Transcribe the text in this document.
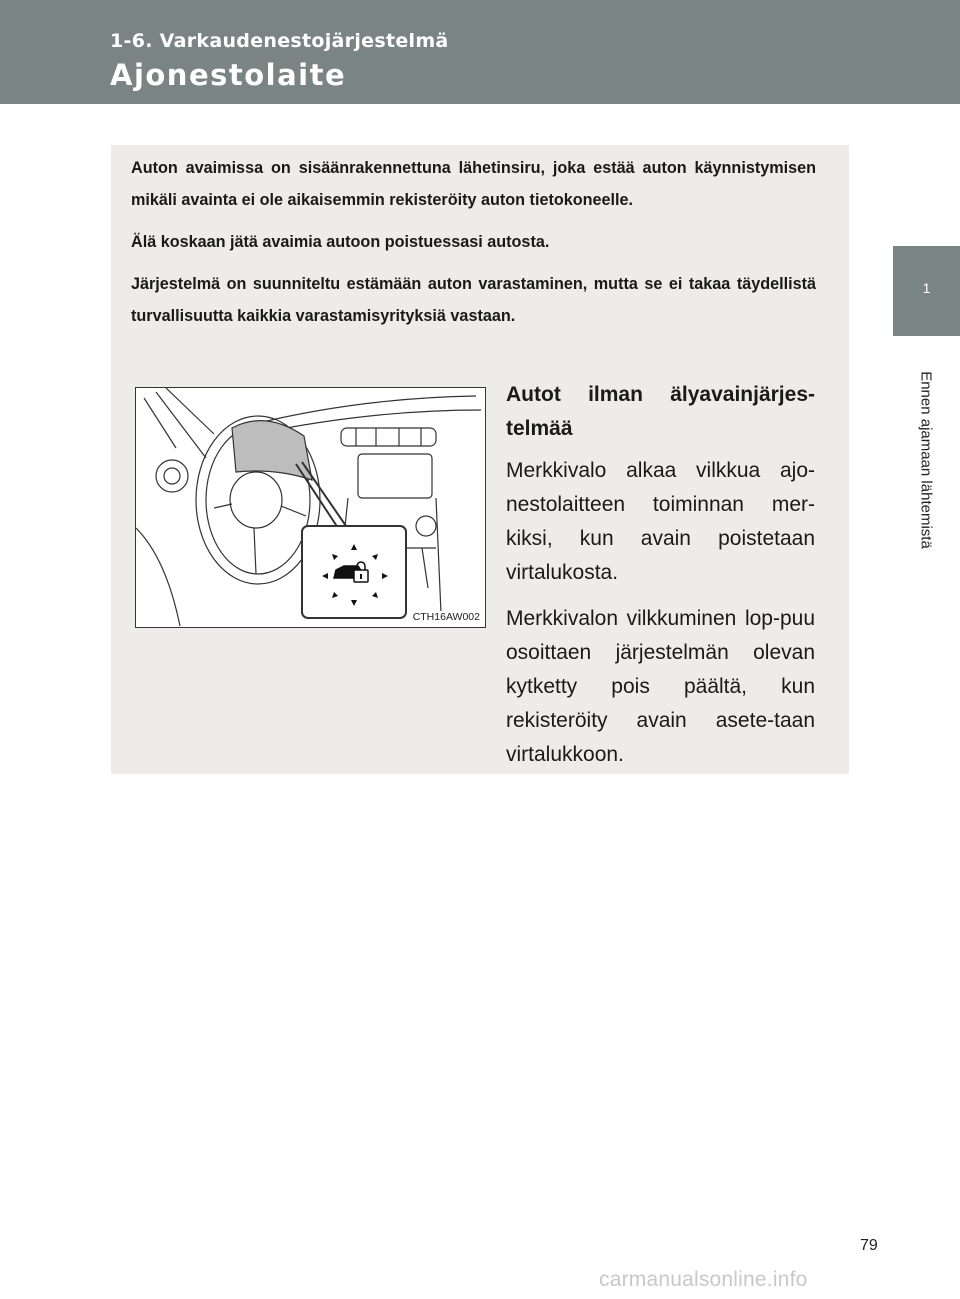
1-6. Varkaudenestojärjestelmä
Ajonestolaite
1
Ennen ajamaan lähtemistä

Auton avaimissa on sisäänrakennettuna lähetinsiru, joka estää auton käynnistymisen mikäli avainta ei ole aikaisemmin rekisteröity auton tietokoneelle.

Älä koskaan jätä avaimia autoon poistuessasi autosta.

Järjestelmä on suunniteltu estämään auton varastaminen, mutta se ei takaa täydellistä turvallisuutta kaikkia varastamisyrityksiä vastaan.

CTH16AW002

Autot ilman älyavainjärjes-telmää

Merkkivalo alkaa vilkkua ajo-nestolaitteen toiminnan mer-kiksi, kun avain poistetaan virtalukosta.

Merkkivalon vilkkuminen lop-puu osoittaen järjestelmän olevan kytketty pois päältä, kun rekisteröity avain asete-taan virtalukkoon.

79
carmanualsonline.info
